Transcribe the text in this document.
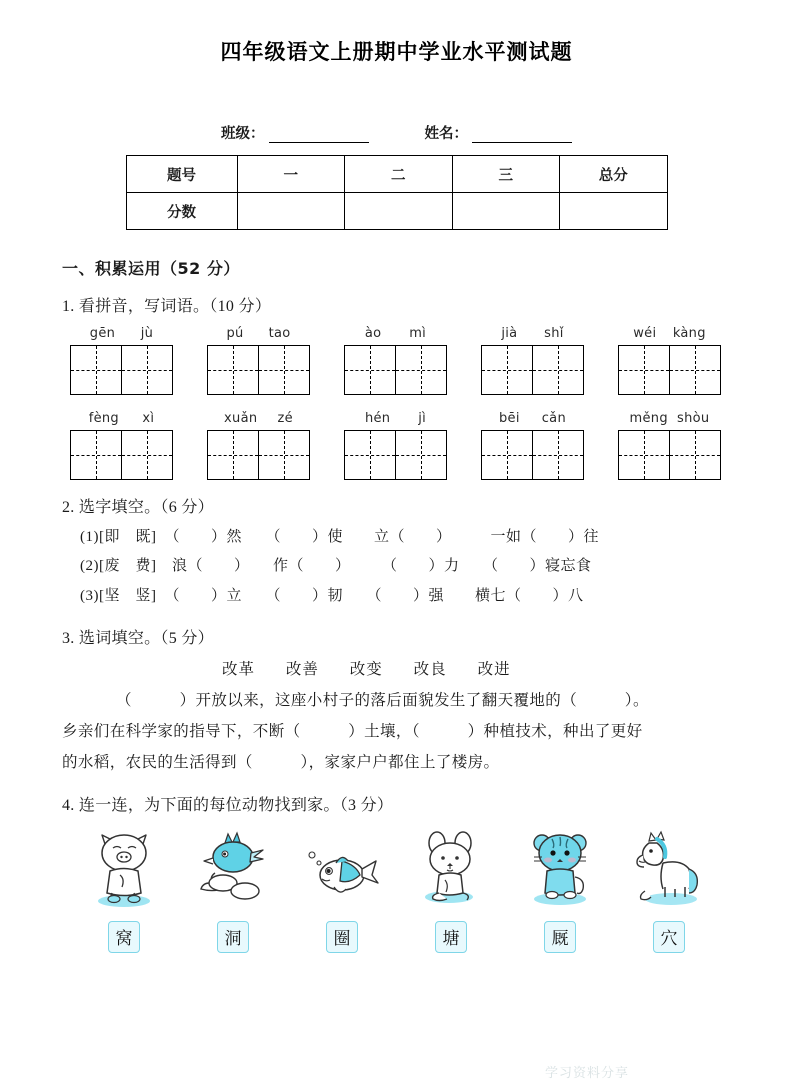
四年级语文上册期中学业水平测试题
班级：	姓名：
题号	一	二	三	总分
分数				
一、积累运用（52 分）
1. 看拼音，写词语。（10 分）
gēn jù	pú tao	ào mì	jià shǐ	wéi kàng
fèng xì	xuǎn zé	hén jì	bēi cǎn	měng shòu
2. 选字填空。（6 分）
(1)[即　既]　（　　）然　　（　　）使　　立（　　）　　　一如（　　）往
(2)[废　费]　浪（　　）　　作（　　）　　　（　　）力　　（　　）寝忘食
(3)[坚　竖]　（　　）立　　（　　）韧　　（　　）强　　横七（　　）八
3. 选词填空。（5 分）
改革 改善 改变 改良 改进
（　　　）开放以来，这座小村子的落后面貌发生了翻天覆地的（　　　）。
乡亲们在科学家的指导下，不断（　　　）土壤，（　　　）种植技术，种出了更好
的水稻，农民的生活得到（　　　），家家户户都住上了楼房。
4. 连一连，为下面的每位动物找到家。（3 分）
窝	洞	圈	塘	厩	穴
学习资料分享
